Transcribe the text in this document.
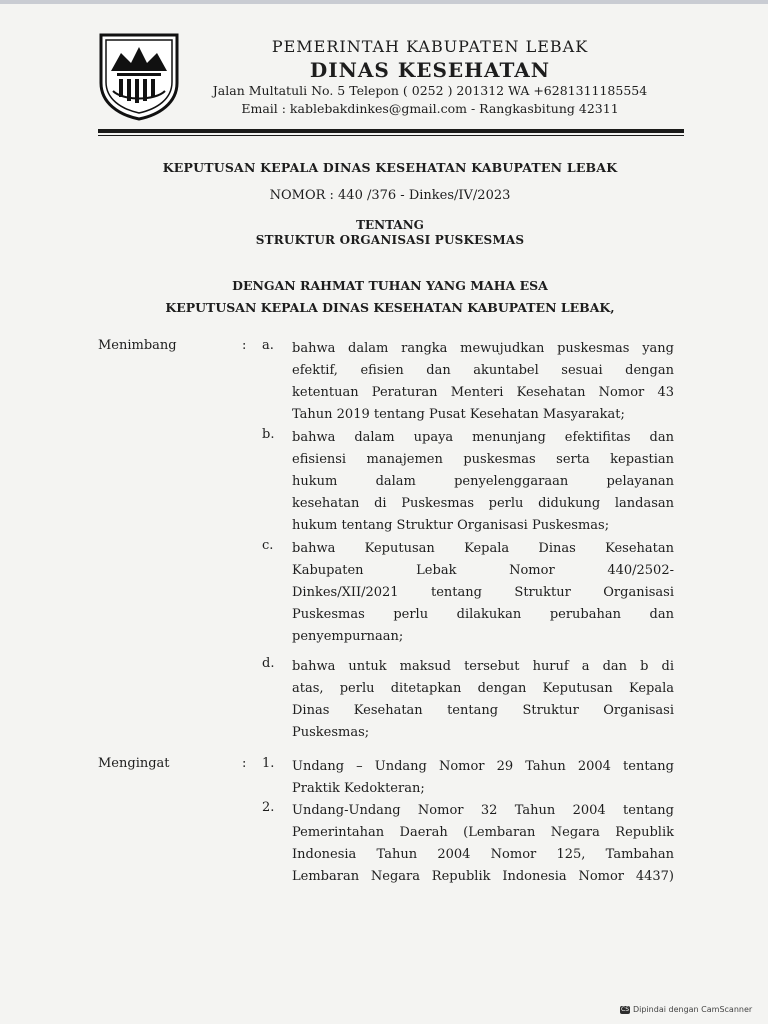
PEMERINTAH KABUPATEN LEBAK
DINAS KESEHATAN
Jalan Multatuli No. 5 Telepon ( 0252 ) 201312 WA +6281311185554
Email : kablebakdinkes@gmail.com - Rangkasbitung 42311
KEPUTUSAN KEPALA DINAS KESEHATAN KABUPATEN LEBAK
NOMOR : 440 /376 - Dinkes/IV/2023
TENTANG
STRUKTUR ORGANISASI PUSKESMAS
DENGAN RAHMAT TUHAN YANG MAHA ESA
KEPUTUSAN KEPALA DINAS KESEHATAN KABUPATEN LEBAK,
Menimbang	: a.	bahwa dalam rangka mewujudkan puskesmas yang
efektif, efisien dan akuntabel sesuai dengan
ketentuan Peraturan Menteri Kesehatan Nomor 43
Tahun 2019 tentang Pusat Kesehatan Masyarakat;
b.	bahwa dalam upaya menunjang efektifitas dan
efisiensi manajemen puskesmas serta kepastian
hukum dalam penyelenggaraan pelayanan
kesehatan di Puskesmas perlu didukung landasan
hukum tentang Struktur Organisasi Puskesmas;
c.	bahwa Keputusan Kepala Dinas Kesehatan
Kabupaten Lebak Nomor 440/2502-
Dinkes/XII/2021 tentang Struktur Organisasi
Puskesmas perlu dilakukan perubahan dan
penyempurnaan;
d.	bahwa untuk maksud tersebut huruf a dan b di
atas, perlu ditetapkan dengan Keputusan Kepala
Dinas Kesehatan tentang Struktur Organisasi
Puskesmas;
Mengingat	: 1.	Undang – Undang Nomor 29 Tahun 2004 tentang
Praktik Kedokteran;
2.	Undang-Undang Nomor 32 Tahun 2004 tentang
Pemerintahan Daerah (Lembaran Negara Republik
Indonesia Tahun 2004 Nomor 125, Tambahan
Lembaran Negara Republik Indonesia Nomor 4437)
CS Dipindai dengan CamScanner
